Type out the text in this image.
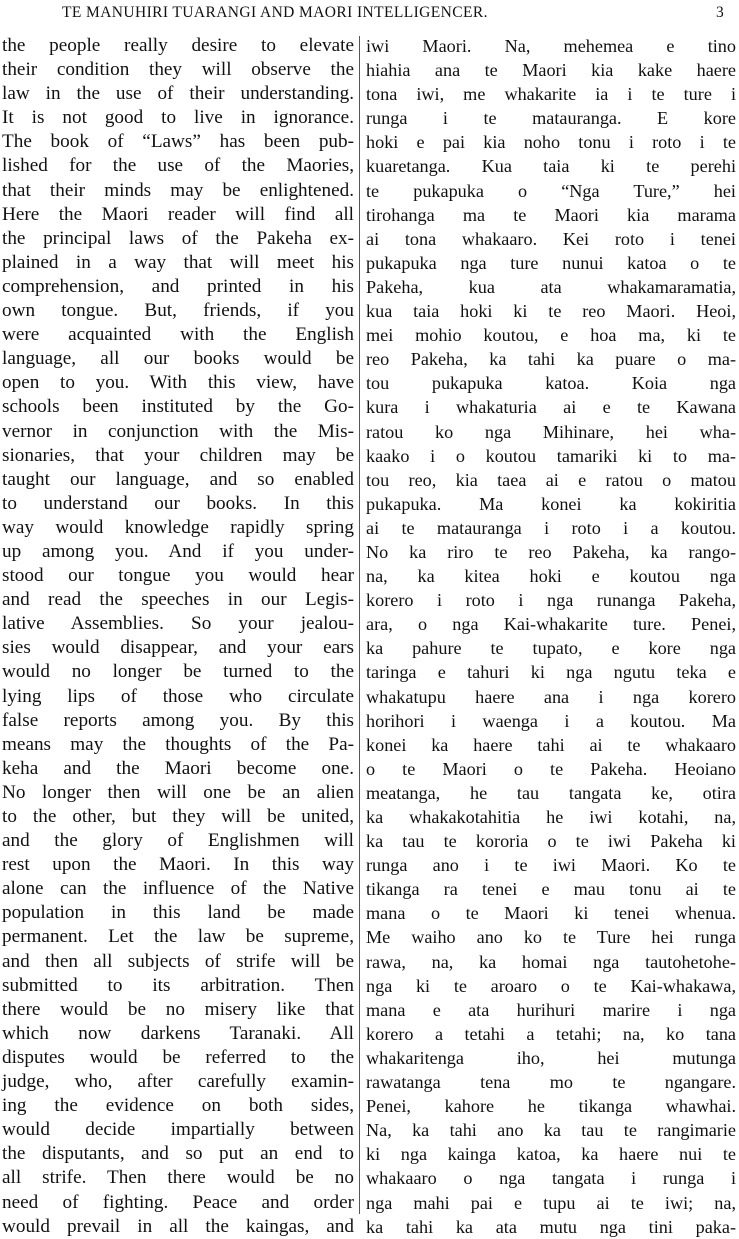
TE MANUHIRI TUARANGI AND MAORI INTELLIGENCER.	3
the people really desire to elevate
their condition they will observe the
law in the use of their understanding.
It is not good to live in ignorance.
The book of “Laws” has been pub-
lished for the use of the Maories,
that their minds may be enlightened.
Here the Maori reader will find all
the principal laws of the Pakeha ex-
plained in a way that will meet his
comprehension, and printed in his
own tongue. But, friends, if you
were acquainted with the English
language, all our books would be
open to you. With this view, have
schools been instituted by the Go-
vernor in conjunction with the Mis-
sionaries, that your children may be
taught our language, and so enabled
to understand our books. In this
way would knowledge rapidly spring
up among you. And if you under-
stood our tongue you would hear
and read the speeches in our Legis-
lative Assemblies. So your jealou-
sies would disappear, and your ears
would no longer be turned to the
lying lips of those who circulate
false reports among you. By this
means may the thoughts of the Pa-
keha and the Maori become one.
No longer then will one be an alien
to the other, but they will be united,
and the glory of Englishmen will
rest upon the Maori. In this way
alone can the influence of the Native
population in this land be made
permanent. Let the law be supreme,
and then all subjects of strife will be
submitted to its arbitration. Then
there would be no misery like that
which now darkens Taranaki. All
disputes would be referred to the
judge, who, after carefully examin-
ing the evidence on both sides,
would decide impartially between
the disputants, and so put an end to
all strife. Then there would be no
need of fighting. Peace and order
would prevail in all the kaingas, and
iwi Maori. Na, mehemea e tino
hiahia ana te Maori kia kake haere
tona iwi, me whakarite ia i te ture i
runga i te matauranga. E kore
hoki e pai kia noho tonu i roto i te
kuaretanga. Kua taia ki te perehi
te pukapuka o “Nga Ture,” hei
tirohanga ma te Maori kia marama
ai tona whakaaro. Kei roto i tenei
pukapuka nga ture nunui katoa o te
Pakeha, kua ata whakamaramatia,
kua taia hoki ki te reo Maori. Heoi,
mei mohio koutou, e hoa ma, ki te
reo Pakeha, ka tahi ka puare o ma-
tou pukapuka katoa. Koia nga
kura i whakaturia ai e te Kawana
ratou ko nga Mihinare, hei wha-
kaako i o koutou tamariki ki to ma-
tou reo, kia taea ai e ratou o matou
pukapuka. Ma konei ka kokiritia
ai te matauranga i roto i a koutou.
No ka riro te reo Pakeha, ka rango-
na, ka kitea hoki e koutou nga
korero i roto i nga runanga Pakeha,
ara, o nga Kai-whakarite ture. Penei,
ka pahure te tupato, e kore nga
taringa e tahuri ki nga ngutu teka e
whakatupu haere ana i nga korero
horihori i waenga i a koutou. Ma
konei ka haere tahi ai te whakaaro
o te Maori o te Pakeha. Heoiano
meatanga, he tau tangata ke, otira
ka whakakotahitia he iwi kotahi, na,
ka tau te kororia o te iwi Pakeha ki
runga ano i te iwi Maori. Ko te
tikanga ra tenei e mau tonu ai te
mana o te Maori ki tenei whenua.
Me waiho ano ko te Ture hei runga
rawa, na, ka homai nga tautohetohe-
nga ki te aroaro o te Kai-whakawa,
mana e ata hurihuri marire i nga
korero a tetahi a tetahi; na, ko tana
whakaritenga iho, hei mutunga
rawatanga tena mo te ngangare.
Penei, kahore he tikanga whawhai.
Na, ka tahi ano ka tau te rangimarie
ki nga kainga katoa, ka haere nui te
whakaaro o nga tangata i runga i
nga mahi pai e tupu ai te iwi; na,
ka tahi ka ata mutu nga tini paka-
